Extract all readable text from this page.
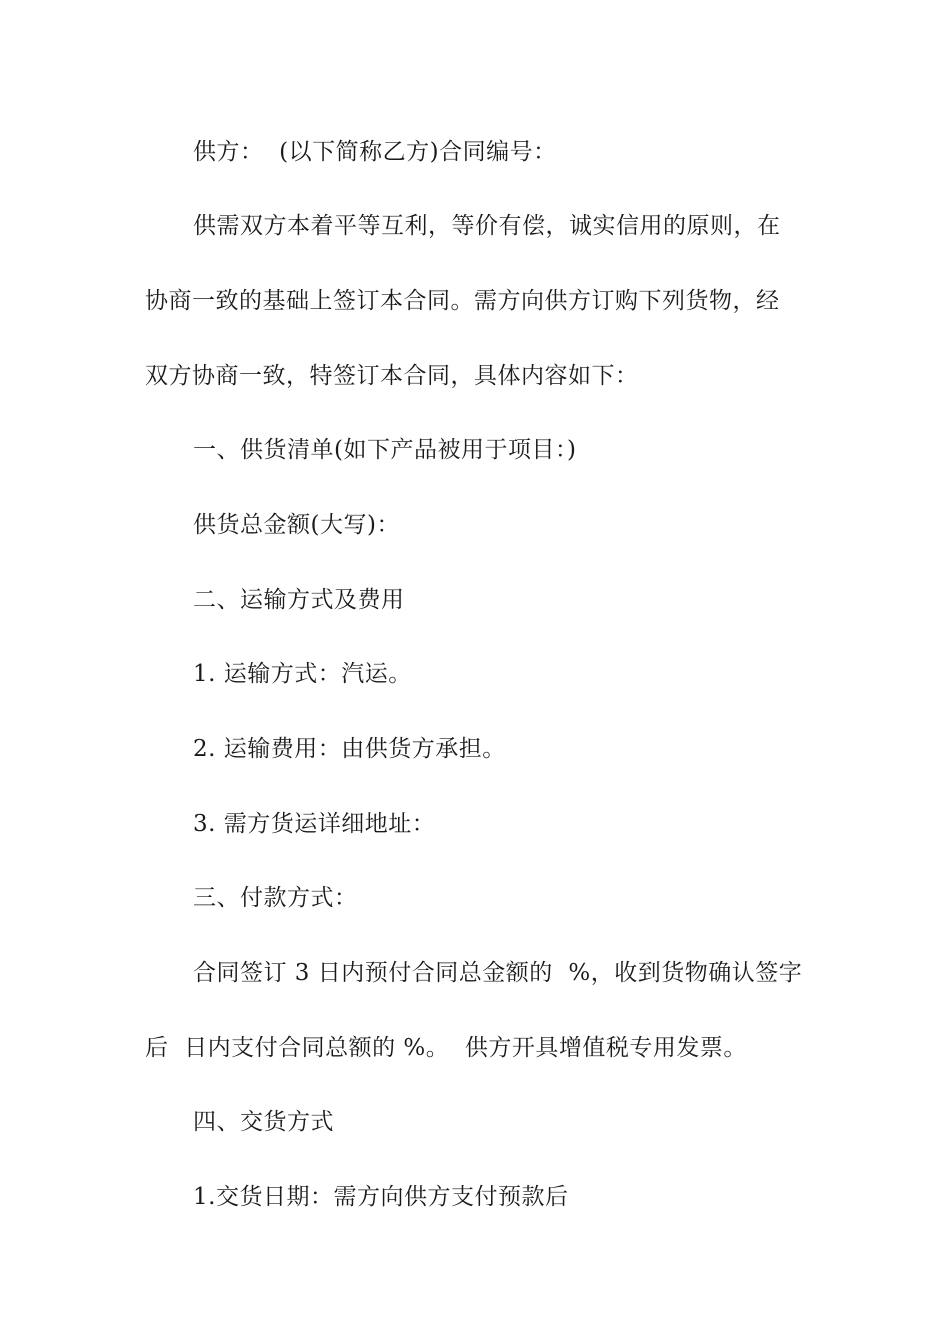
供方：  (以下简称乙方)合同编号：
供需双方本着平等互利，等价有偿，诚实信用的原则，在
协商一致的基础上签订本合同。需方向供方订购下列货物，经
双方协商一致，特签订本合同，具体内容如下：
一、供货清单(如下产品被用于项目：)
供货总金额(大写)：
二、运输方式及费用
1. 运输方式：汽运。
2. 运输费用：由供货方承担。
3. 需方货运详细地址：
三、付款方式：
合同签订 3 日内预付合同总金额的  %，收到货物确认签字
后  日内支付合同总额的 %。  供方开具增值税专用发票。
四、交货方式
1.交货日期：需方向供方支付预款后
